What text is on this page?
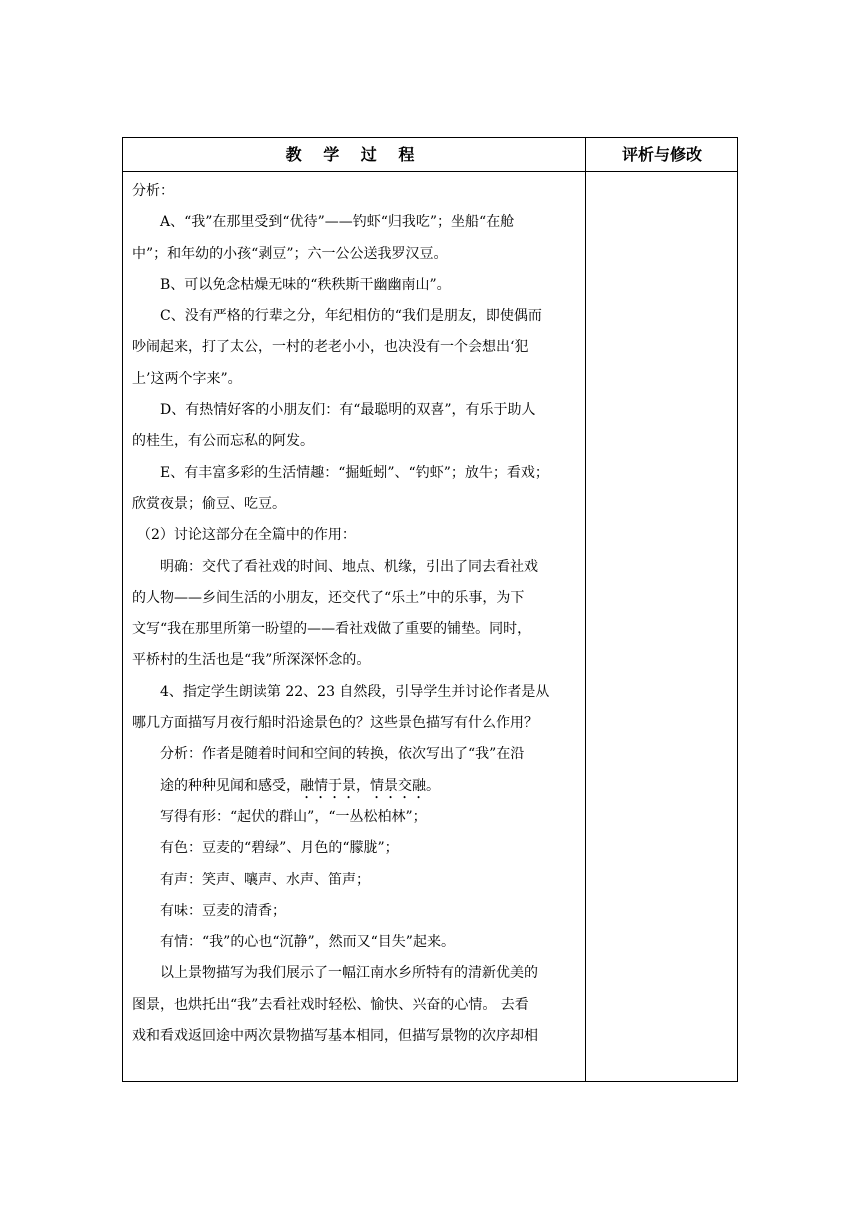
教 学 过 程	评析与修改
分析：
A、“我”在那里受到“优待”——钓虾“归我吃”；坐船“在舱
中”；和年幼的小孩“剥豆”；六一公公送我罗汉豆。
B、可以免念枯燥无味的“秩秩斯干幽幽南山”。
C、没有严格的行辈之分，年纪相仿的“我们是朋友，即使偶而
吵闹起来，打了太公，一村的老老小小，也决没有一个会想出‘犯
上’这两个字来”。
D、有热情好客的小朋友们：有“最聪明的双喜”，有乐于助人
的桂生，有公而忘私的阿发。
E、有丰富多彩的生活情趣：“掘蚯蚓”、“钓虾”；放牛；看戏；
欣赏夜景；偷豆、吃豆。
（2）讨论这部分在全篇中的作用：
明确：交代了看社戏的时间、地点、机缘，引出了同去看社戏
的人物——乡间生活的小朋友，还交代了“乐土”中的乐事，为下
文写“我在那里所第一盼望的——看社戏做了重要的铺垫。同时，
平桥村的生活也是“我”所深深怀念的。
4、指定学生朗读第 22、23 自然段，引导学生并讨论作者是从
哪几方面描写月夜行船时沿途景色的？这些景色描写有什么作用？
分析：作者是随着时间和空间的转换，依次写出了“我”在沿
途的种种见闻和感受，融情于景，情景交融。
写得有形：“起伏的群山”，“一丛松柏林”；
有色：豆麦的“碧绿”、月色的“朦胧”；
有声：笑声、嚷声、水声、笛声；
有味：豆麦的清香；
有情：“我”的心也“沉静”，然而又“目失”起来。
以上景物描写为我们展示了一幅江南水乡所特有的清新优美的
图景，也烘托出“我”去看社戏时轻松、愉快、兴奋的心情。 去看
戏和看戏返回途中两次景物描写基本相同，但描写景物的次序却相
